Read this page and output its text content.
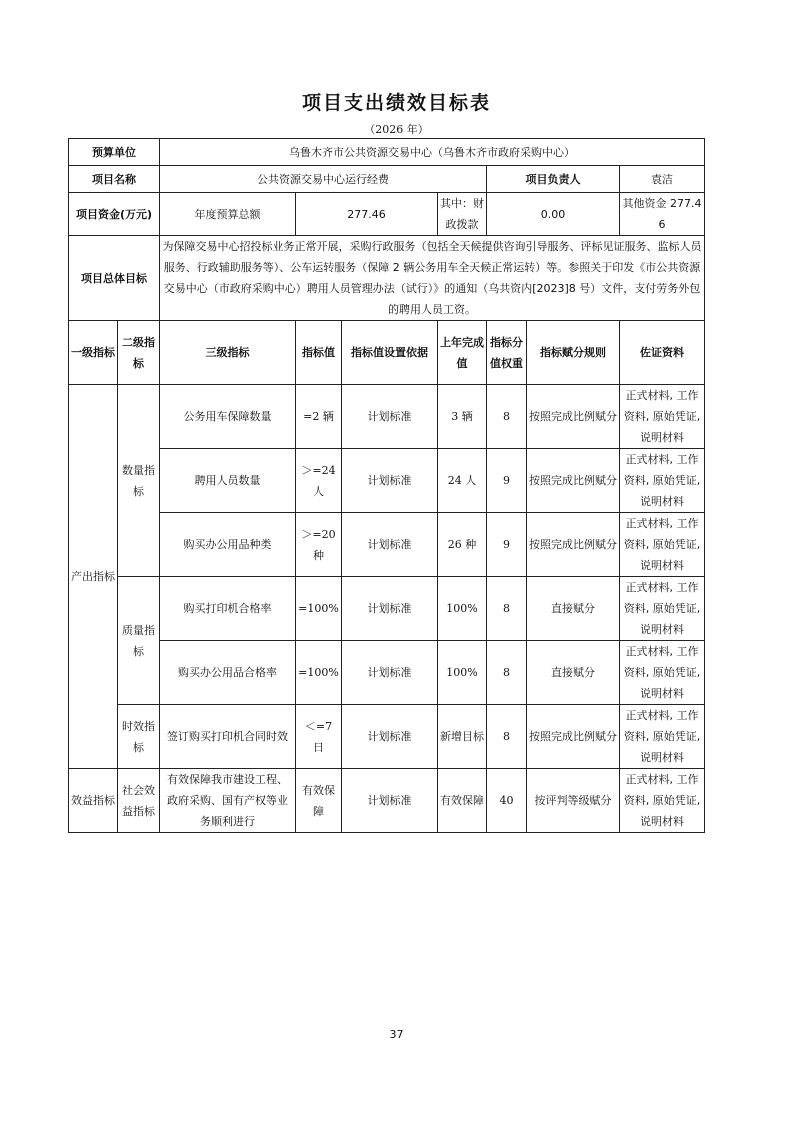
项目支出绩效目标表
（2026 年）
预算单位		乌鲁木齐市公共资源交易中心（乌鲁木齐市政府采购中心）						
项目名称		公共资源交易中心运行经费				项目负责人		袁洁
项目资金(万元)		年度预算总额	277.46		其中：财政拨款	0.00		其他资金 277.46
项目总体目标		为保障交易中心招投标业务正常开展，采购行政服务（包括全天候提供咨询引导服务、评标见证服务、监标人员服务、行政辅助服务等）、公车运转服务（保障 2 辆公务用车全天候正常运转）等。参照关于印发《市公共资源交易中心（市政府采购中心）聘用人员管理办法（试行）》的通知（乌共资内[2023]8 号）文件，支付劳务外包的聘用人员工资。						
一级指标	二级指标	三级指标	指标值	指标值设置依据	上年完成值	指标分值权重	指标赋分规则	佐证资料
产出指标	数量指标	公务用车保障数量	=2 辆	计划标准	3 辆	8	按照完成比例赋分	正式材料, 工作资料, 原始凭证, 说明材料
		聘用人员数量	＞=24 人	计划标准	24 人	9	按照完成比例赋分	正式材料, 工作资料, 原始凭证, 说明材料
		购买办公用品种类	＞=20 种	计划标准	26 种	9	按照完成比例赋分	正式材料, 工作资料, 原始凭证, 说明材料
	质量指标	购买打印机合格率	=100%	计划标准	100%	8	直接赋分	正式材料, 工作资料, 原始凭证, 说明材料
		购买办公用品合格率	=100%	计划标准	100%	8	直接赋分	正式材料, 工作资料, 原始凭证, 说明材料
	时效指标	签订购买打印机合同时效	＜=7 日	计划标准	新增目标	8	按照完成比例赋分	正式材料, 工作资料, 原始凭证, 说明材料
效益指标	社会效益指标	有效保障我市建设工程、政府采购、国有产权等业务顺利进行	有效保障	计划标准	有效保障	40	按评判等级赋分	正式材料, 工作资料, 原始凭证, 说明材料
37
